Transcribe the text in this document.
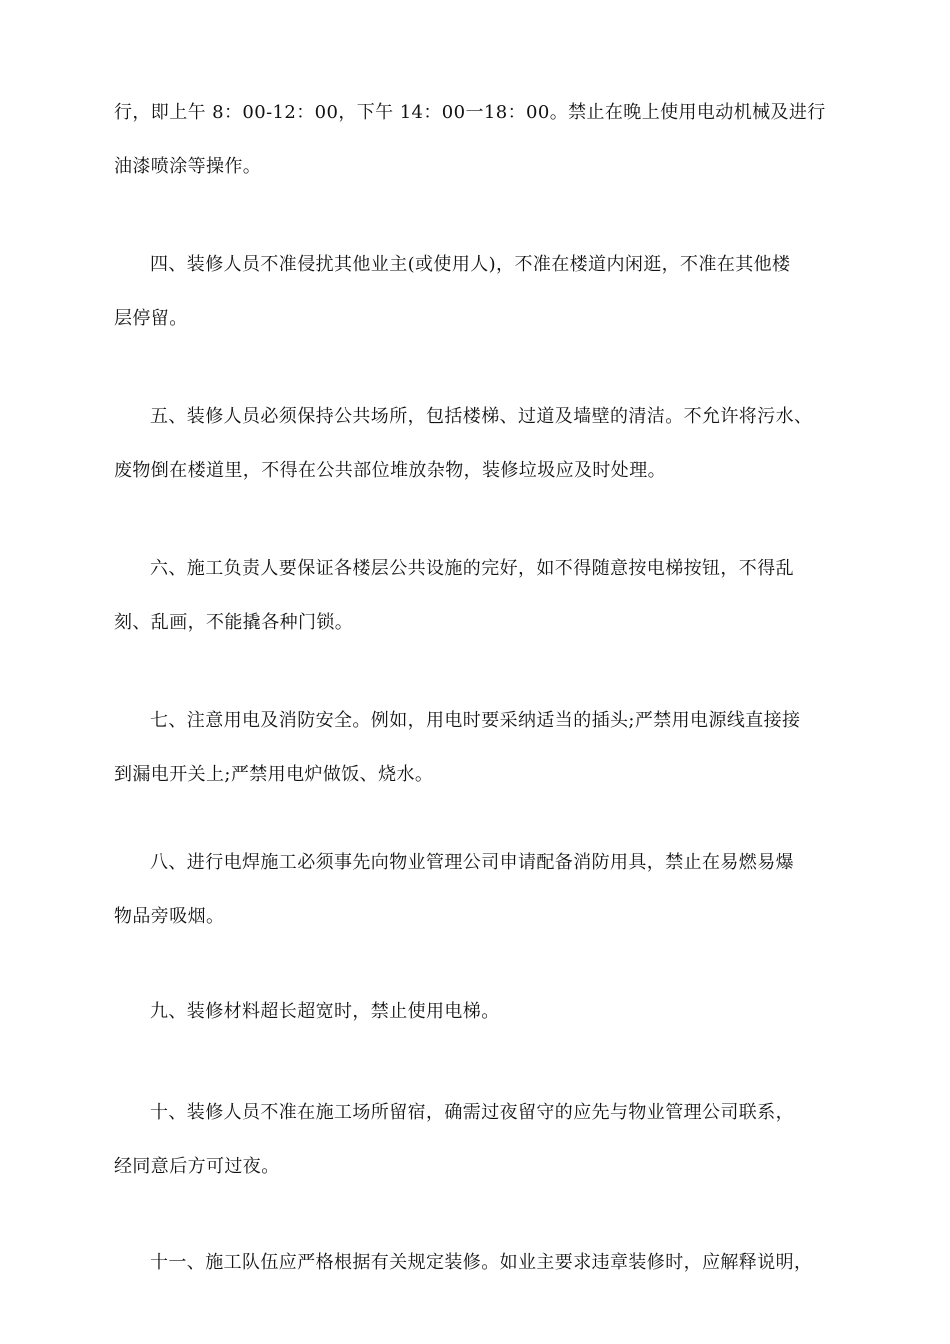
行，即上午 8：00-12：00，下午 14：00一18：00。禁止在晚上使用电动机械及进行
油漆喷涂等操作。

四、装修人员不准侵扰其他业主(或使用人)，不准在楼道内闲逛，不准在其他楼
层停留。

五、装修人员必须保持公共场所，包括楼梯、过道及墙壁的清洁。不允许将污水、
废物倒在楼道里，不得在公共部位堆放杂物，装修垃圾应及时处理。

六、施工负责人要保证各楼层公共设施的完好，如不得随意按电梯按钮，不得乱
刻、乱画，不能撬各种门锁。

七、注意用电及消防安全。例如，用电时要采纳适当的插头;严禁用电源线直接接
到漏电开关上;严禁用电炉做饭、烧水。

八、进行电焊施工必须事先向物业管理公司申请配备消防用具，禁止在易燃易爆
物品旁吸烟。

九、装修材料超长超宽时，禁止使用电梯。

十、装修人员不准在施工场所留宿，确需过夜留守的应先与物业管理公司联系，
经同意后方可过夜。

十一、施工队伍应严格根据有关规定装修。如业主要求违章装修时，应解释说明，
